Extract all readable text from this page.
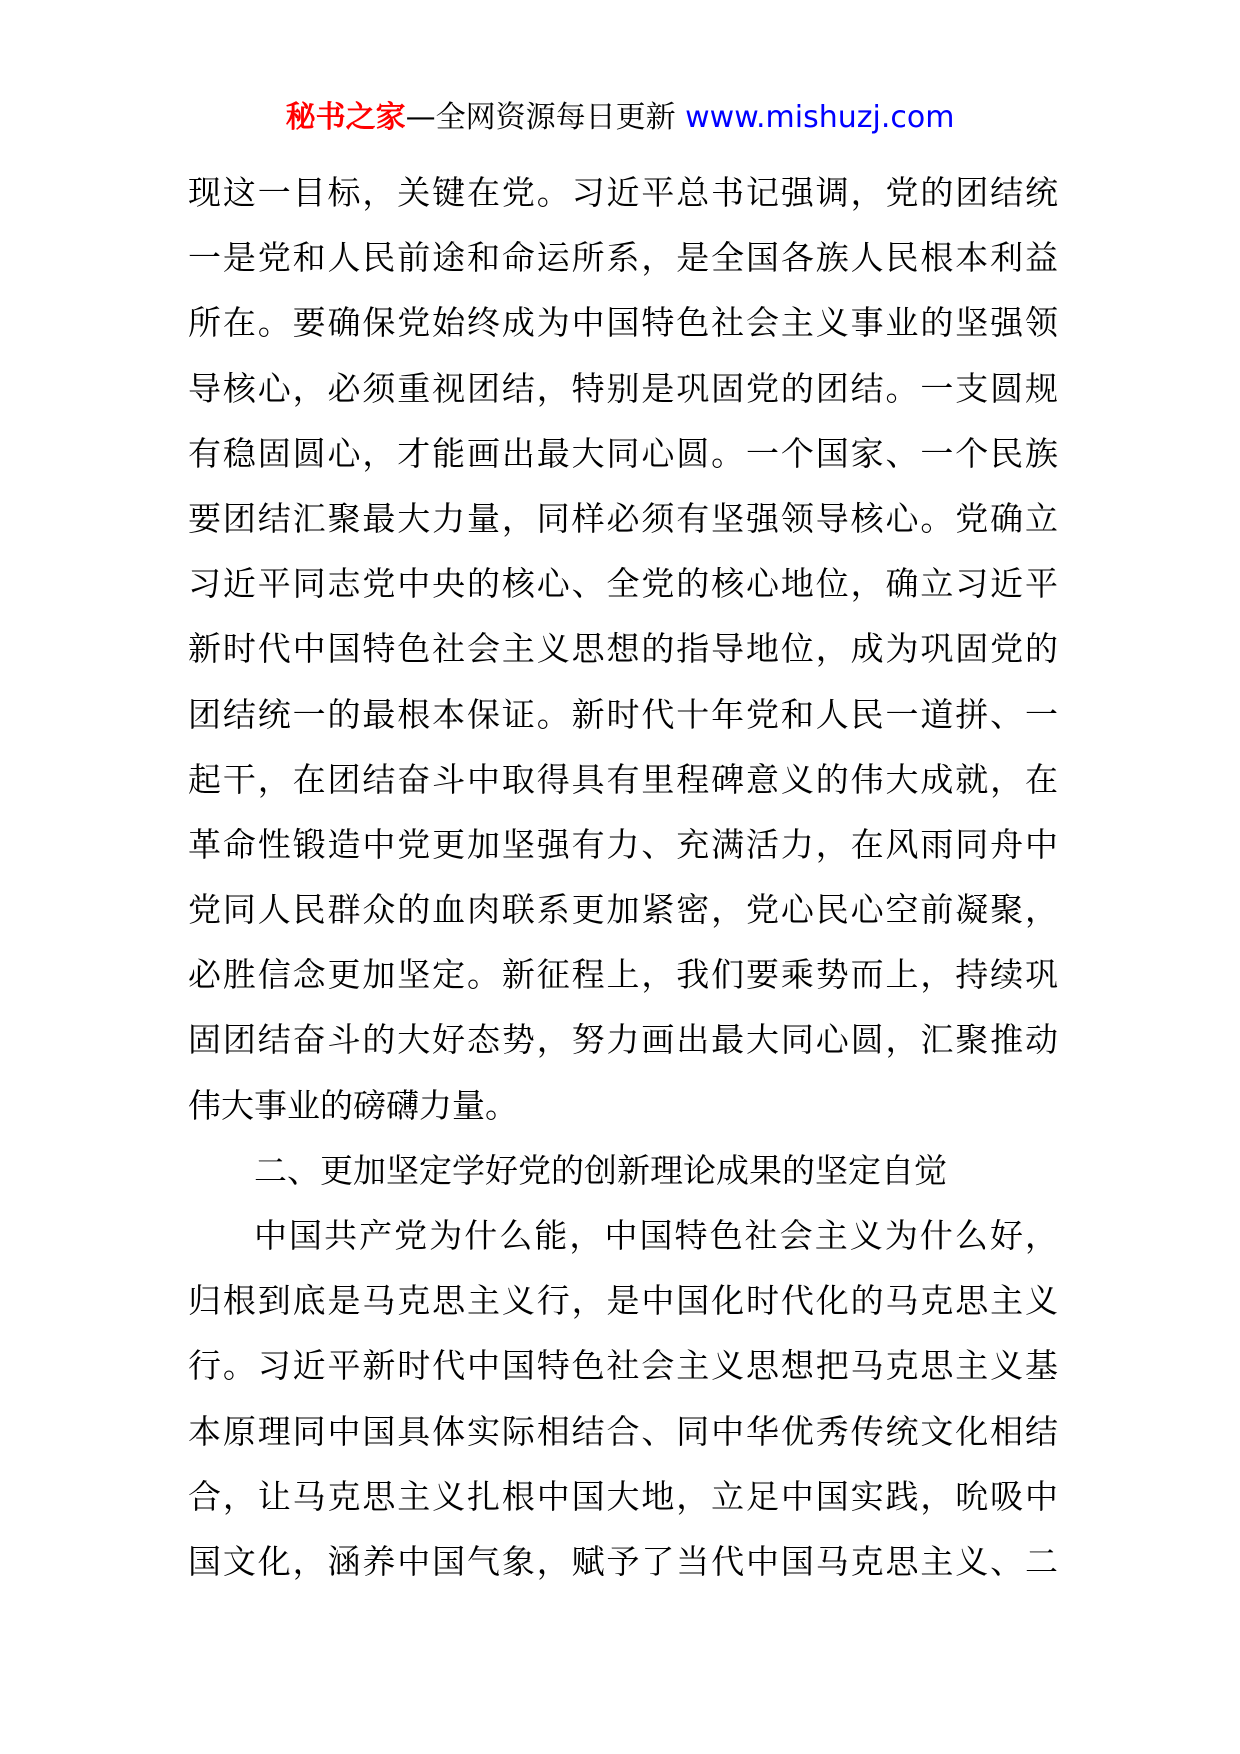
秘书之家—全网资源每日更新 www.mishuzj.com
现这一目标，关键在党。习近平总书记强调，党的团结统
一是党和人民前途和命运所系，是全国各族人民根本利益
所在。要确保党始终成为中国特色社会主义事业的坚强领
导核心，必须重视团结，特别是巩固党的团结。一支圆规
有稳固圆心，才能画出最大同心圆。一个国家、一个民族
要团结汇聚最大力量，同样必须有坚强领导核心。党确立
习近平同志党中央的核心、全党的核心地位，确立习近平
新时代中国特色社会主义思想的指导地位，成为巩固党的
团结统一的最根本保证。新时代十年党和人民一道拼、一
起干，在团结奋斗中取得具有里程碑意义的伟大成就，在
革命性锻造中党更加坚强有力、充满活力，在风雨同舟中
党同人民群众的血肉联系更加紧密，党心民心空前凝聚，
必胜信念更加坚定。新征程上，我们要乘势而上，持续巩
固团结奋斗的大好态势，努力画出最大同心圆，汇聚推动
伟大事业的磅礴力量。
二、更加坚定学好党的创新理论成果的坚定自觉
中国共产党为什么能，中国特色社会主义为什么好，
归根到底是马克思主义行，是中国化时代化的马克思主义
行。习近平新时代中国特色社会主义思想把马克思主义基
本原理同中国具体实际相结合、同中华优秀传统文化相结
合，让马克思主义扎根中国大地，立足中国实践，吮吸中
国文化，涵养中国气象，赋予了当代中国马克思主义、二
